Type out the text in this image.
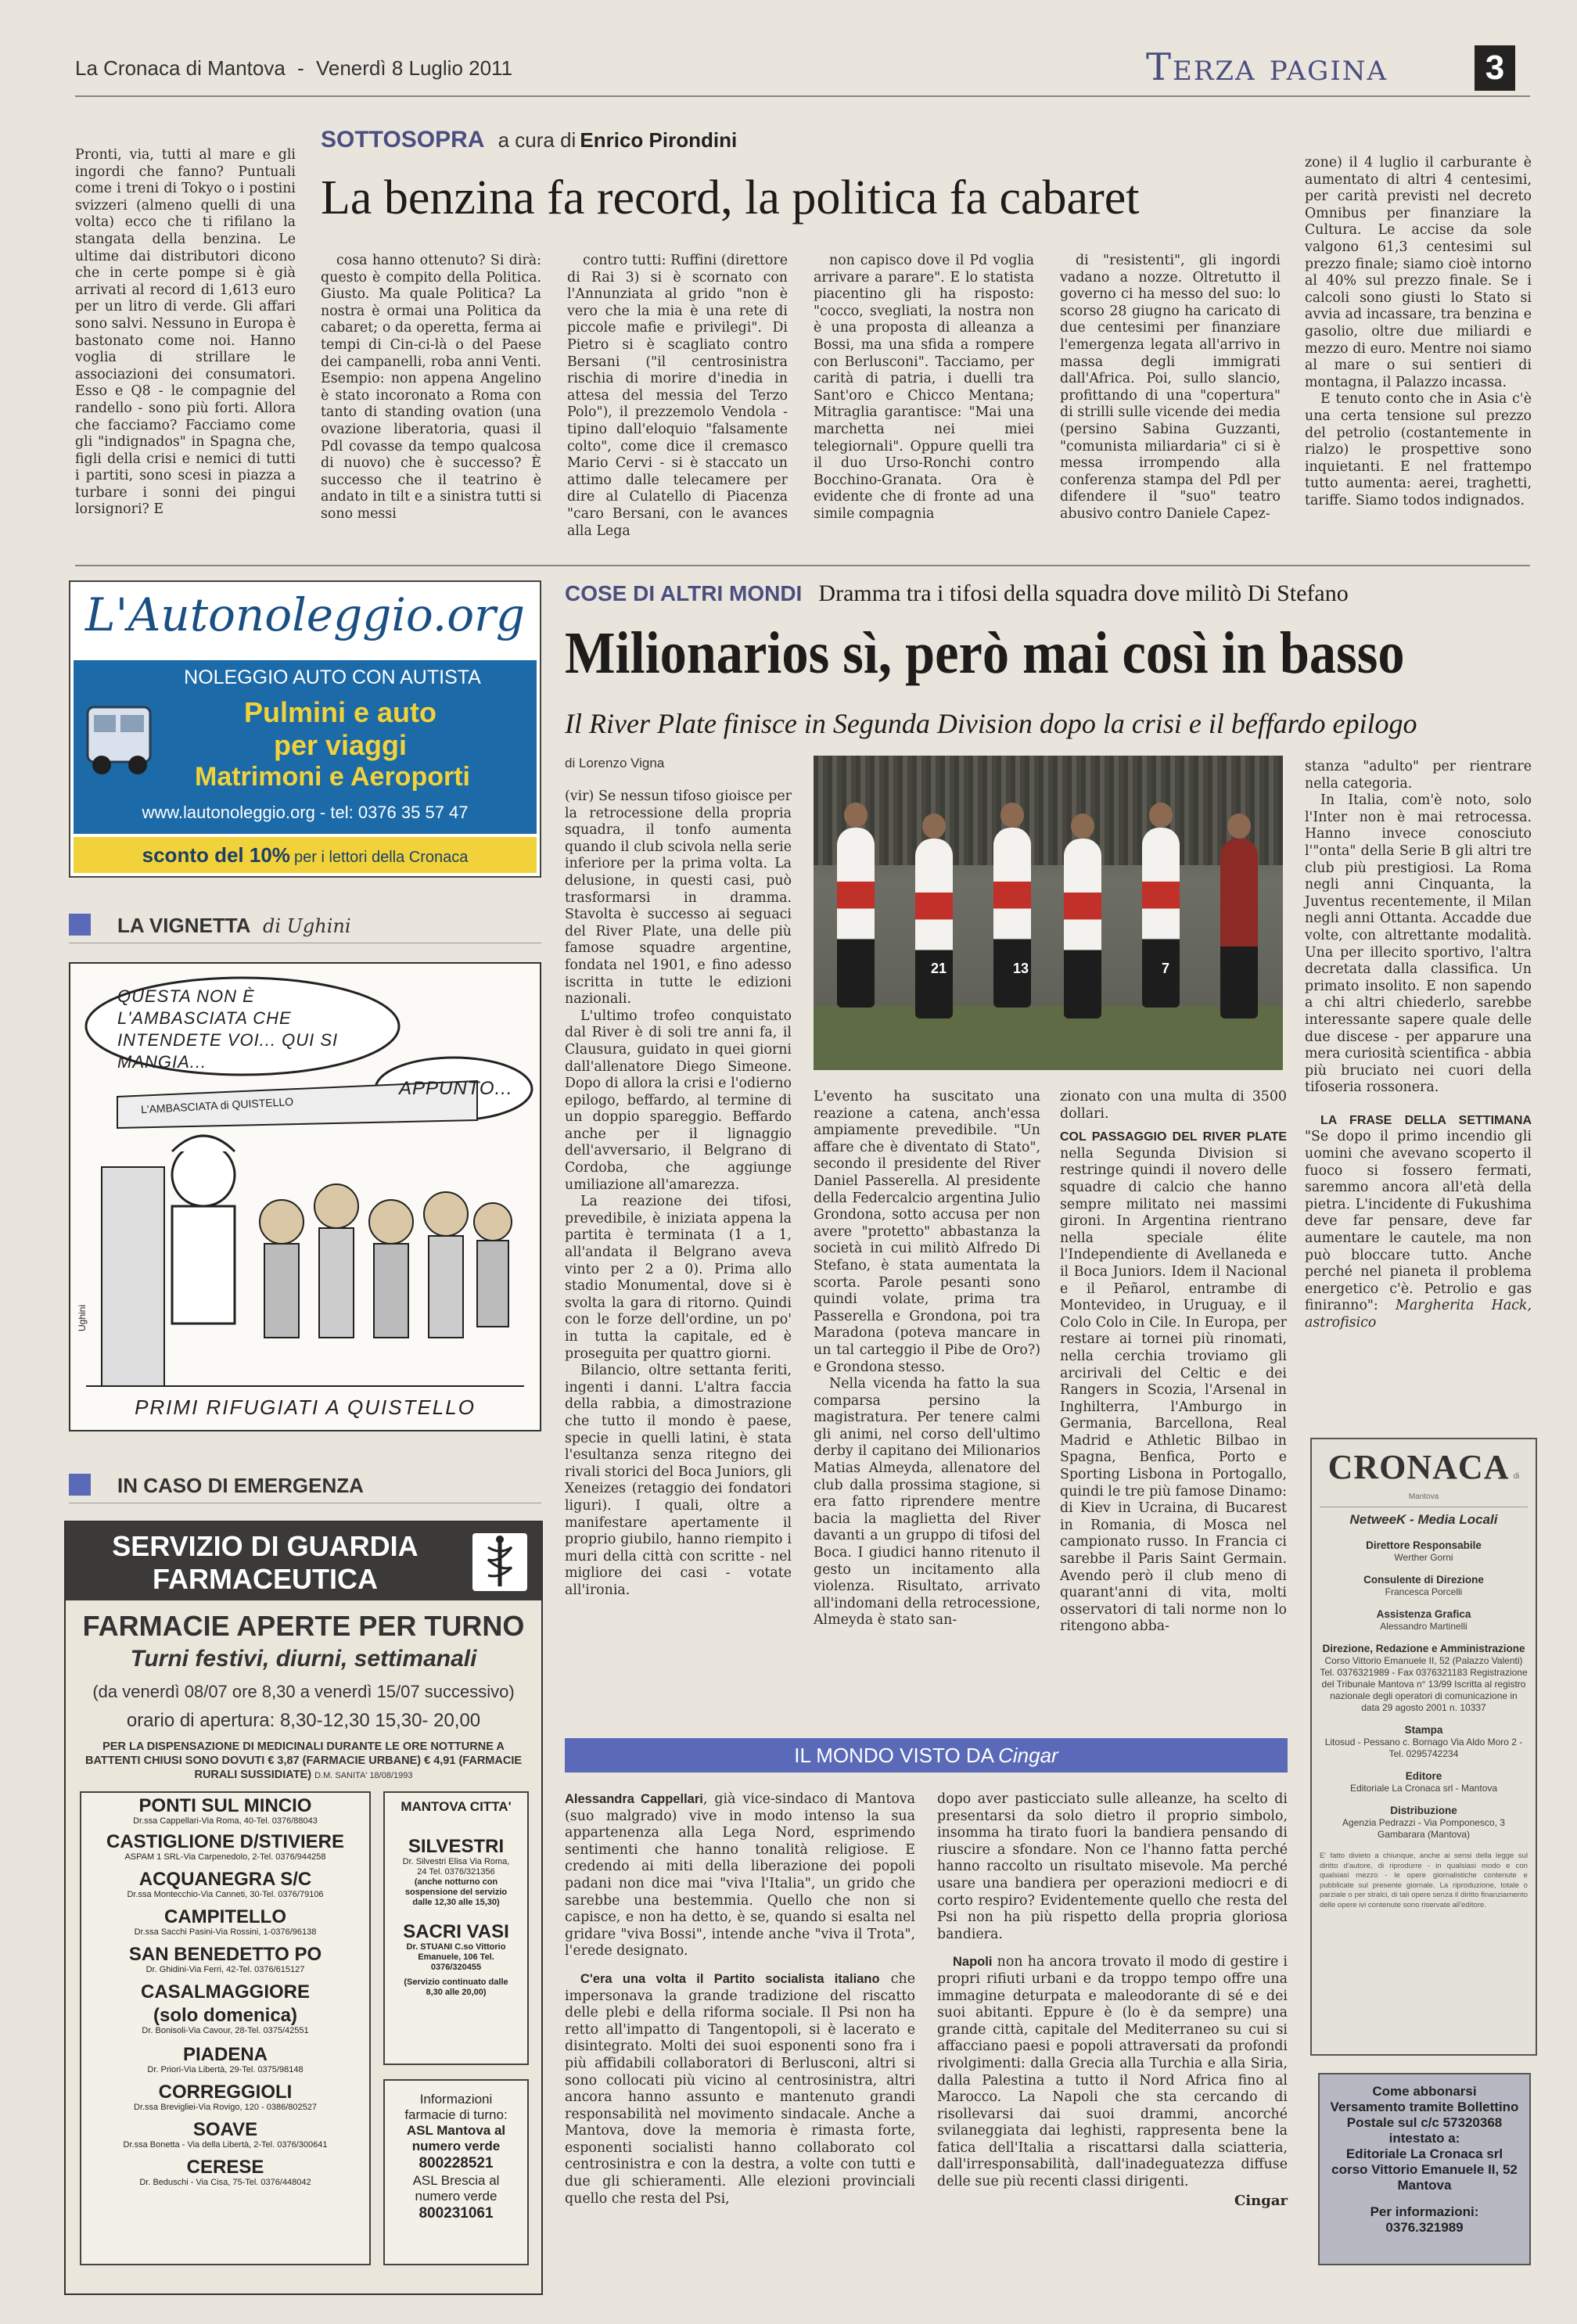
La Cronaca di Mantova - Venerdì 8 Luglio 2011	Terza pagina	3
SOTTOSOPRA a cura di Enrico Pirondini
La benzina fa record, la politica fa cabaret

Pronti, via, tutti al mare e gli ingordi che fanno? Puntuali come i treni di Tokyo o i postini svizzeri (almeno quelli di una volta) ecco che ti rifilano la stangata della benzina. Le ultime dai distributori dicono che in certe pompe si è già arrivati al record di 1,613 euro per un litro di verde. Gli affari sono salvi. Nessuno in Europa è bastonato come noi. Hanno voglia di strillare le associazioni dei consumatori. Esso e Q8 - le compagnie del randello - sono più forti. Allora che facciamo? Facciamo come gli "indignados" in Spagna che, figli della crisi e nemici di tutti i partiti, sono scesi in piazza a turbare i sonni dei pingui lorsignori? E

cosa hanno ottenuto? Si dirà: questo è compito della Politica. Giusto. Ma quale Politica? La nostra è ormai una Politica da cabaret; o da operetta, ferma ai tempi di Cin-ci-là o del Paese dei campanelli, roba anni Venti. Esempio: non appena Angelino è stato incoronato a Roma con tanto di standing ovation (una ovazione liberatoria, quasi il Pdl covasse da tempo qualcosa di nuovo) che è successo? È successo che il teatrino è andato in tilt e a sinistra tutti si sono messi

contro tutti: Ruffini (direttore di Rai 3) si è scornato con l'Annunziata al grido "non è vero che la mia è una rete di piccole mafie e privilegi". Di Pietro si è scagliato contro Bersani ("il centrosinistra rischia di morire d'inedia in attesa del messia del Terzo Polo"), il prezzemolo Vendola - tipino dall'eloquio "falsamente colto", come dice il cremasco Mario Cervi - si è staccato un attimo dalle telecamere per dire al Culatello di Piacenza "caro Bersani, con le avances alla Lega

non capisco dove il Pd voglia arrivare a parare". E lo statista piacentino gli ha risposto: "cocco, svegliati, la nostra non è una proposta di alleanza a Bossi, ma una sfida a rompere con Berlusconi". Tacciamo, per carità di patria, i duelli tra Sant'oro e Chicco Mentana; Mitraglia garantisce: "Mai una marchetta nei miei telegiornali". Oppure quelli tra il duo Urso-Ronchi contro Bocchino-Granata. Ora è evidente che di fronte ad una simile compagnia

di "resistenti", gli ingordi vadano a nozze. Oltretutto il governo ci ha messo del suo: lo scorso 28 giugno ha caricato di due centesimi per finanziare l'emergenza legata all'arrivo in massa degli immigrati dall'Africa. Poi, sullo slancio, profittando di una "copertura" di strilli sulle vicende dei media (persino Sabina Guzzanti, "comunista miliardaria" ci si è messa irrompendo alla conferenza stampa del Pdl per difendere il "suo" teatro abusivo contro Daniele Capez-

zone) il 4 luglio il carburante è aumentato di altri 4 centesimi, per carità previsti nel decreto Omnibus per finanziare la Cultura. Le accise da sole valgono 61,3 centesimi sul prezzo finale; siamo cioè intorno al 40% sul prezzo finale. Se i calcoli sono giusti lo Stato si avvia ad incassare, tra benzina e gasolio, oltre due miliardi e mezzo di euro. Mentre noi siamo al mare o sui sentieri di montagna, il Palazzo incassa.

E tenuto conto che in Asia c'è una certa tensione sul prezzo del petrolio (costantemente in rialzo) le prospettive sono inquietanti. E nel frattempo tutto aumenta: aerei, traghetti, tariffe. Siamo todos indignados.

L'Autonoleggio.org
NOLEGGIO AUTO CON AUTISTA
Pulmini e auto
per viaggi
Matrimoni e Aeroporti
www.lautonoleggio.org - tel: 0376 35 57 47
sconto del 10% per i lettori della Cronaca
LA VIGNETTA di Ughini
QUESTA NON È L'AMBASCIATA CHE INTENDETE VOI... QUI SI MANGIA...
APPUNTO...
L'AMBASCIATA di QUISTELLO
Ughini
PRIMI RIFUGIATI A QUISTELLO
IN CASO DI EMERGENZA
SERVIZIO DI GUARDIA FARMACEUTICA
FARMACIE APERTE PER TURNO
Turni festivi, diurni, settimanali
(da venerdì 08/07 ore 8,30 a venerdì 15/07 successivo)
orario di apertura: 8,30-12,30 15,30- 20,00
PER LA DISPENSAZIONE DI MEDICINALI DURANTE LE ORE NOTTURNE A BATTENTI CHIUSI SONO DOVUTI € 3,87 (FARMACIE URBANE) € 4,91 (FARMACIE RURALI SUSSIDIATE) D.M. SANITA' 18/08/1993
PONTI SUL MINCIO
Dr.ssa Cappellari-Via Roma, 40-Tel. 0376/88043
CASTIGLIONE D/STIVIERE
ASPAM 1 SRL-Via Carpenedolo, 2-Tel. 0376/944258
ACQUANEGRA S/C
Dr.ssa Montecchio-Via Canneti, 30-Tel. 0376/79106
CAMPITELLO
Dr.ssa Sacchi Pasini-Via Rossini, 1-0376/96138
SAN BENEDETTO PO
Dr. Ghidini-Via Ferri, 42-Tel. 0376/615127
CASALMAGGIORE
(solo domenica)
Dr. Bonisoli-Via Cavour, 28-Tel. 0375/42551
PIADENA
Dr. Priori-Via Libertà, 29-Tel. 0375/98148
CORREGGIOLI
Dr.ssa Brevigliei-Via Rovigo, 120 - 0386/802527
SOAVE
Dr.ssa Bonetta - Via della Libertà, 2-Tel. 0376/300641
CERESE
Dr. Beduschi - Via Cisa, 75-Tel. 0376/448042
MANTOVA CITTA'
SILVESTRI
Dr. Silvestri Elisa Via Roma, 24 Tel. 0376/321356
(anche notturno con sospensione del servizio dalle 12,30 alle 15,30)
SACRI VASI
Dr. STUANI C.so Vittorio Emanuele, 106 Tel. 0376/320455
(Servizio continuato dalle 8,30 alle 20,00)
Informazioni farmacie di turno:
ASL Mantova al numero verde
800228521
ASL Brescia al numero verde
800231061
COSE DI ALTRI MONDI Dramma tra i tifosi della squadra dove militò Di Stefano
Milionarios sì, però mai così in basso
Il River Plate finisce in Segunda Division dopo la crisi e il beffardo epilogo
di Lorenzo Vigna

(vir) Se nessun tifoso gioisce per la retrocessione della propria squadra, il tonfo aumenta quando il club scivola nella serie inferiore per la prima volta. La delusione, in questi casi, può trasformarsi in dramma. Stavolta è successo ai seguaci del River Plate, una delle più famose squadre argentine, fondata nel 1901, e fino adesso iscritta in tutte le edizioni nazionali.

L'ultimo trofeo conquistato dal River è di soli tre anni fa, il Clausura, guidato in quei giorni dall'allenatore Diego Simeone. Dopo di allora la crisi e l'odierno epilogo, beffardo, al termine di un doppio spareggio. Beffardo anche per il lignaggio dell'avversario, il Belgrano di Cordoba, che aggiunge umiliazione all'amarezza.

La reazione dei tifosi, prevedibile, è iniziata appena la partita è terminata (1 a 1, all'andata il Belgrano aveva vinto per 2 a 0). Prima allo stadio Monumental, dove si è svolta la gara di ritorno. Quindi con le forze dell'ordine, un po' in tutta la capitale, ed è proseguita per quattro giorni.

Bilancio, oltre settanta feriti, ingenti i danni. L'altra faccia della rabbia, a dimostrazione che tutto il mondo è paese, specie in quelli latini, è stata l'esultanza senza ritegno dei rivali storici del Boca Juniors, gli Xeneizes (retaggio dei fondatori liguri). I quali, oltre a manifestare apertamente il proprio giubilo, hanno riempito i muri della città con scritte - nel migliore dei casi - votate all'ironia.

21	13	7

L'evento ha suscitato una reazione a catena, anch'essa ampiamente prevedibile. "Un affare che è diventato di Stato", secondo il presidente del River Daniel Passerella. Al presidente della Federcalcio argentina Julio Grondona, sotto accusa per non avere "protetto" abbastanza la società in cui militò Alfredo Di Stefano, è stata aumentata la scorta. Parole pesanti sono quindi volate, prima tra Passerella e Grondona, poi tra Maradona (poteva mancare in un tal carteggio il Pibe de Oro?) e Grondona stesso.

Nella vicenda ha fatto la sua comparsa persino la magistratura. Per tenere calmi gli animi, nel corso dell'ultimo derby il capitano dei Milionarios Matias Almeyda, allenatore del club dalla prossima stagione, si era fatto riprendere mentre bacia la maglietta del River davanti a un gruppo di tifosi del Boca. I giudici hanno ritenuto il gesto un incitamento alla violenza. Risultato, arrivato all'indomani della retrocessione, Almeyda è stato san-

zionato con una multa di 3500 dollari.

COL PASSAGGIO DEL RIVER PLATE nella Segunda Division si restringe quindi il novero delle squadre di calcio che hanno sempre militato nei massimi gironi. In Argentina rientrano nella speciale élite l'Independiente di Avellaneda e il Boca Juniors. Idem il Nacional e il Peñarol, entrambe di Montevideo, in Uruguay, e il Colo Colo in Cile. In Europa, per restare ai tornei più rinomati, nella cerchia troviamo gli arcirivali del Celtic e dei Rangers in Scozia, l'Arsenal in Inghilterra, l'Amburgo in Germania, Barcellona, Real Madrid e Athletic Bilbao in Spagna, Benfica, Porto e Sporting Lisbona in Portogallo, quindi le tre più famose Dinamo: di Kiev in Ucraina, di Bucarest in Romania, di Mosca nel campionato russo. In Francia ci sarebbe il Paris Saint Germain. Avendo però il club meno di quarant'anni di vita, molti osservatori di tali norme non lo ritengono abba-

stanza "adulto" per rientrare nella categoria.

In Italia, com'è noto, solo l'Inter non è mai retrocessa. Hanno invece conosciuto l'"onta" della Serie B gli altri tre club più prestigiosi. La Roma negli anni Cinquanta, la Juventus recentemente, il Milan negli anni Ottanta. Accadde due volte, con altrettante modalità. Una per illecito sportivo, l'altra decretata dalla classifica. Un primato insolito. E non sapendo a chi altri chiederlo, sarebbe interessante sapere quale delle due discese - per apparure una mera curiosità scientifica - abbia più bruciato nei cuori della tifoseria rossonera.

LA FRASE DELLA SETTIMANA "Se dopo il primo incendio gli uomini che avevano scoperto il fuoco si fossero fermati, saremmo ancora all'età della pietra. L'incidente di Fukushima deve far pensare, deve far aumentare le cautele, ma non può bloccare tutto. Anche perché nel pianeta il problema energetico c'è. Petrolio e gas finiranno": Margherita Hack, astrofisico

IL MONDO VISTO DA Cingar

Alessandra Cappellari, già vice-sindaco di Mantova (suo malgrado) vive in modo intenso la sua appartenenza alla Lega Nord, esprimendo sentimenti che hanno tonalità religiose. E credendo ai miti della liberazione dei popoli padani non dice mai "viva l'Italia", un grido che sarebbe una bestemmia. Quello che non si capisce, e non ha detto, è se, quando si esalta nel gridare "viva Bossi", intende anche "viva il Trota", l'erede designato.

C'era una volta il Partito socialista italiano che impersonava la grande tradizione del riscatto delle plebi e della riforma sociale. Il Psi non ha retto all'impatto di Tangentopoli, si è lacerato e disintegrato. Molti dei suoi esponenti sono fra i più affidabili collaboratori di Berlusconi, altri si sono collocati più vicino al centrosinistra, altri ancora hanno assunto e mantenuto grandi responsabilità nel movimento sindacale. Anche a Mantova, dove la memoria è rimasta forte, esponenti socialisti hanno collaborato col centrosinistra e con la destra, a volte con tutti e due gli schieramenti. Alle elezioni provinciali quello che resta del Psi,

dopo aver pasticciato sulle alleanze, ha scelto di presentarsi da solo dietro il proprio simbolo, insomma ha tirato fuori la bandiera pensando di riuscire a sfondare. Non ce l'hanno fatta perché hanno raccolto un risultato misevole. Ma perché usare una bandiera per operazioni mediocri e di corto respiro? Evidentemente quello che resta del Psi non ha più rispetto della propria gloriosa bandiera.

Napoli non ha ancora trovato il modo di gestire i propri rifiuti urbani e da troppo tempo offre una immagine deturpata e maleodorante di sé e dei suoi abitanti. Eppure è (lo è da sempre) una grande città, capitale del Mediterraneo su cui si affacciano paesi e popoli attraversati da profondi rivolgimenti: dalla Grecia alla Turchia e alla Siria, dalla Palestina a tutto il Nord Africa fino al Marocco. La Napoli che sta cercando di risollevarsi dai suoi drammi, ancorché svilaneggiata dai leghisti, rappresenta bene la fatica dell'Italia a riscattarsi dalla sciatteria, dall'irresponsabilità, dall'inadeguatezza diffuse delle sue più recenti classi dirigenti.

Cingar
CRONACA di Mantova
NetweeK - Media Locali
Direttore Responsabile
Werther Gorni
Consulente di Direzione
Francesca Porcelli
Assistenza Grafica
Alessandro Martinelli
Direzione, Redazione e Amministrazione
Corso Vittorio Emanuele II, 52 (Palazzo Valenti) Tel. 0376321989 - Fax 0376321183 Registrazione del Tribunale Mantova n° 13/99 Iscritta al registro nazionale degli operatori di comunicazione in data 29 agosto 2001 n. 10337
Stampa
Litosud - Pessano c. Bornago Via Aldo Moro 2 - Tel. 0295742234
Editore
Editoriale La Cronaca srl - Mantova
Distribuzione
Agenzia Pedrazzi - Via Pomponesco, 3 Gambarara (Mantova)
E' fatto divieto a chiunque, anche ai sensi della legge sul diritto d'autore, di riprodurre - in qualsiasi modo e con qualsiasi mezzo - le opere giornalistiche contenute e pubblicate sul presente giornale. La riproduzione, totale o parziale o per stralci, di tali opere senza il diritto finanziamento delle opere ivi contenute sono riservate all'editore.
Come abbonarsi
Versamento tramite Bollettino
Postale sul c/c 57320368
intestato a:
Editoriale La Cronaca srl
corso Vittorio Emanuele II, 52
Mantova
Per informazioni:
0376.321989
